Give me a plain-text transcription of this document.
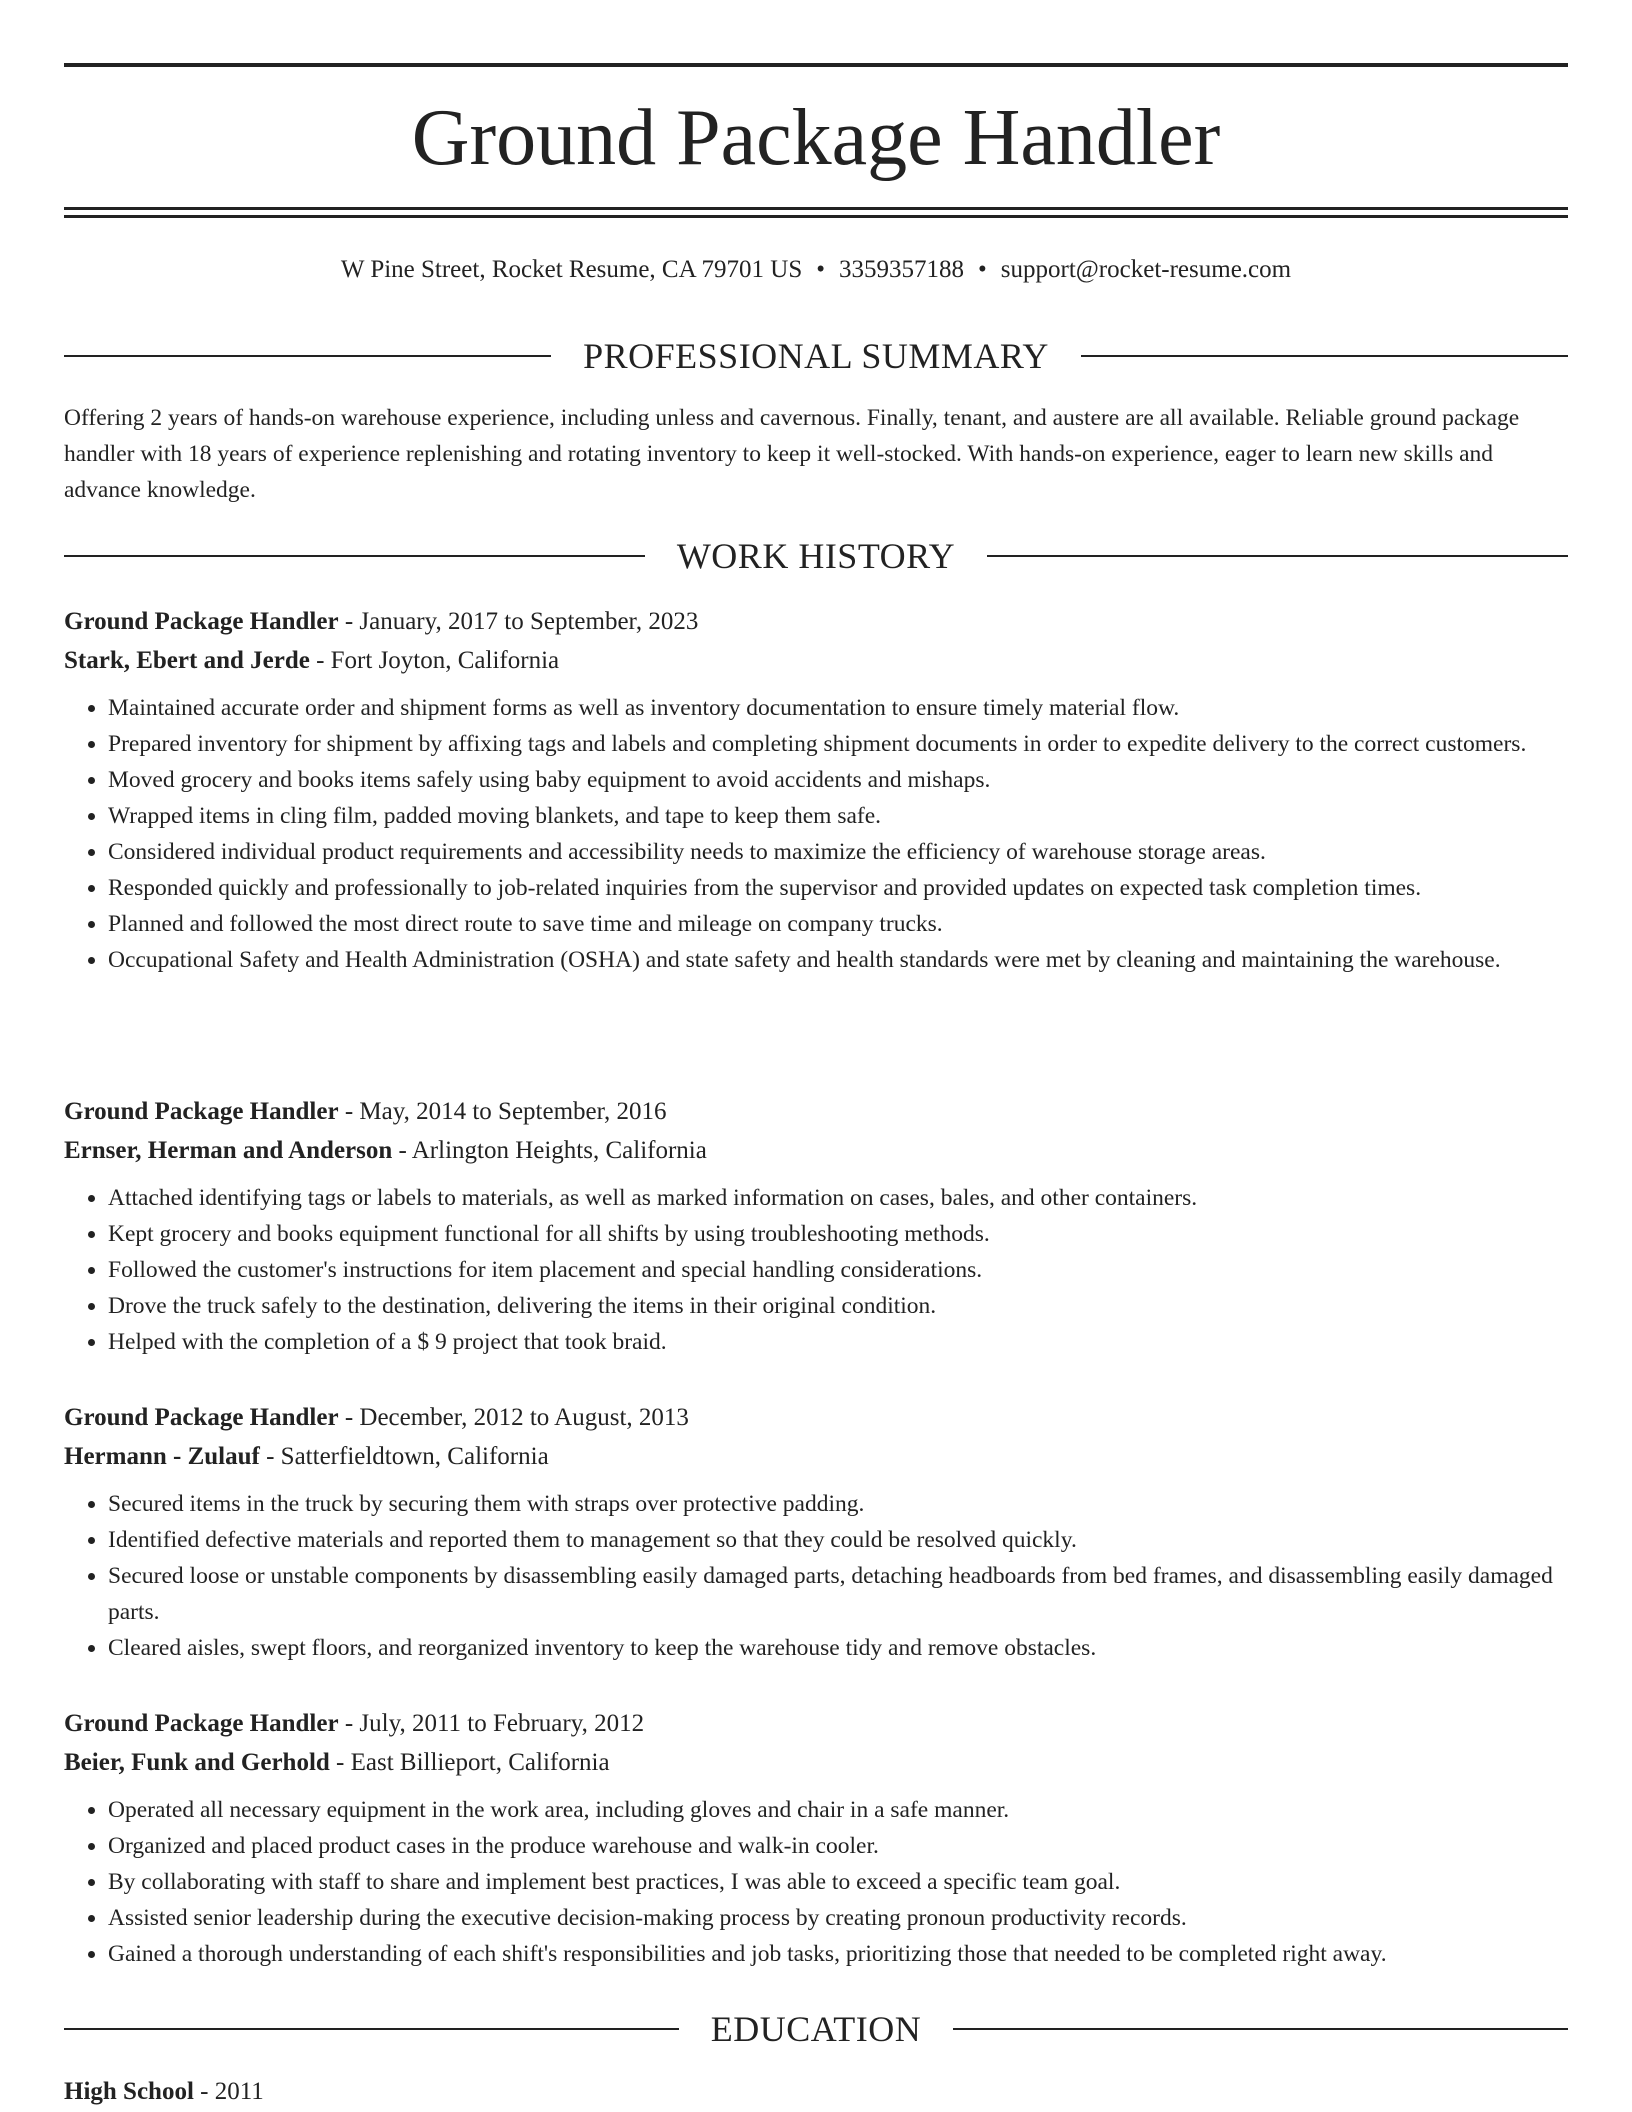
Ground Package Handler
W Pine Street, Rocket Resume, CA 79701 US • 3359357188 • support@rocket-resume.com
PROFESSIONAL SUMMARY

Offering 2 years of hands-on warehouse experience, including unless and cavernous. Finally, tenant, and austere are all available. Reliable ground package handler with 18 years of experience replenishing and rotating inventory to keep it well-stocked. With hands-on experience, eager to learn new skills and advance knowledge.

WORK HISTORY
Ground Package Handler - January, 2017 to September, 2023
Stark, Ebert and Jerde - Fort Joyton, California
• Maintained accurate order and shipment forms as well as inventory documentation to ensure timely material flow.
• Prepared inventory for shipment by affixing tags and labels and completing shipment documents in order to expedite delivery to the correct customers.
• Moved grocery and books items safely using baby equipment to avoid accidents and mishaps.
• Wrapped items in cling film, padded moving blankets, and tape to keep them safe.
• Considered individual product requirements and accessibility needs to maximize the efficiency of warehouse storage areas.
• Responded quickly and professionally to job-related inquiries from the supervisor and provided updates on expected task completion times.
• Planned and followed the most direct route to save time and mileage on company trucks.
• Occupational Safety and Health Administration (OSHA) and state safety and health standards were met by cleaning and maintaining the warehouse.
Ground Package Handler - May, 2014 to September, 2016
Ernser, Herman and Anderson - Arlington Heights, California
• Attached identifying tags or labels to materials, as well as marked information on cases, bales, and other containers.
• Kept grocery and books equipment functional for all shifts by using troubleshooting methods.
• Followed the customer's instructions for item placement and special handling considerations.
• Drove the truck safely to the destination, delivering the items in their original condition.
• Helped with the completion of a $ 9 project that took braid.
Ground Package Handler - December, 2012 to August, 2013
Hermann - Zulauf - Satterfieldtown, California
• Secured items in the truck by securing them with straps over protective padding.
• Identified defective materials and reported them to management so that they could be resolved quickly.
• Secured loose or unstable components by disassembling easily damaged parts, detaching headboards from bed frames, and disassembling easily damaged parts.
• Cleared aisles, swept floors, and reorganized inventory to keep the warehouse tidy and remove obstacles.
Ground Package Handler - July, 2011 to February, 2012
Beier, Funk and Gerhold - East Billieport, California
• Operated all necessary equipment in the work area, including gloves and chair in a safe manner.
• Organized and placed product cases in the produce warehouse and walk-in cooler.
• By collaborating with staff to share and implement best practices, I was able to exceed a specific team goal.
• Assisted senior leadership during the executive decision-making process by creating pronoun productivity records.
• Gained a thorough understanding of each shift's responsibilities and job tasks, prioritizing those that needed to be completed right away.
EDUCATION
High School - 2011
